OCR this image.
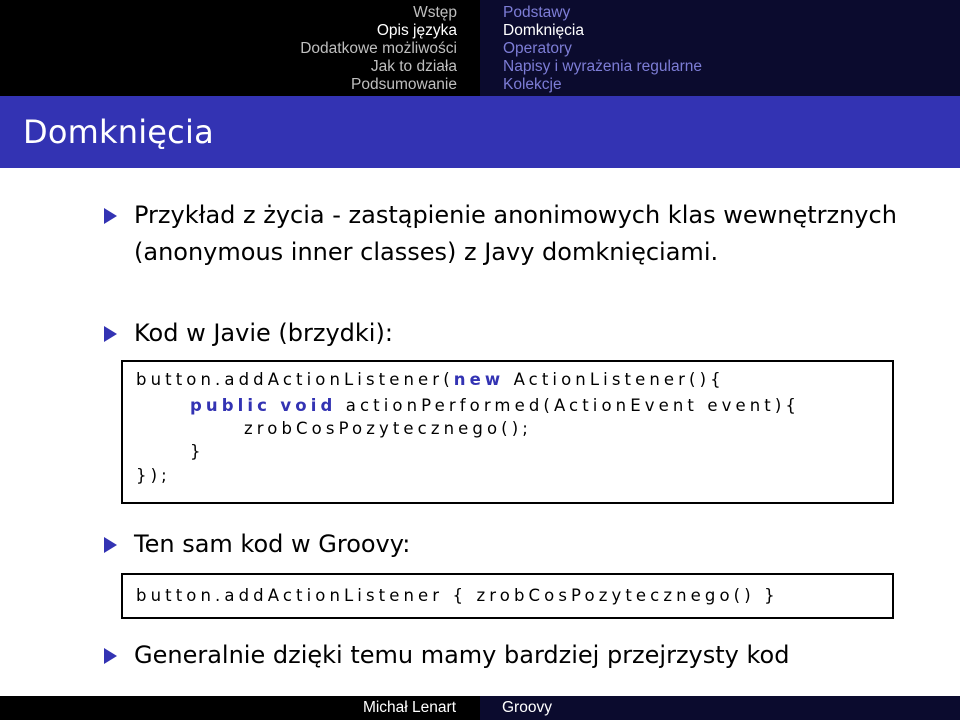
Wstęp
Opis języka
Dodatkowe możliwości
Jak to działa
Podsumowanie
Podstawy
Domknięcia
Operatory
Napisy i wyrażenia regularne
Kolekcje
Domknięcia
Przykład z życia - zastąpienie anonimowych klas wewnętrznych (anonymous inner classes) z Javy domknięciami.
Kod w Javie (brzydki):
button.addActionListener(new ActionListener(){
public void actionPerformed(ActionEvent event){
zrobCosPozytecznego();
}
});
Ten sam kod w Groovy:
button.addActionListener { zrobCosPozytecznego() }
Generalnie dzięki temu mamy bardziej przejrzysty kod
Michał Lenart	Groovy
